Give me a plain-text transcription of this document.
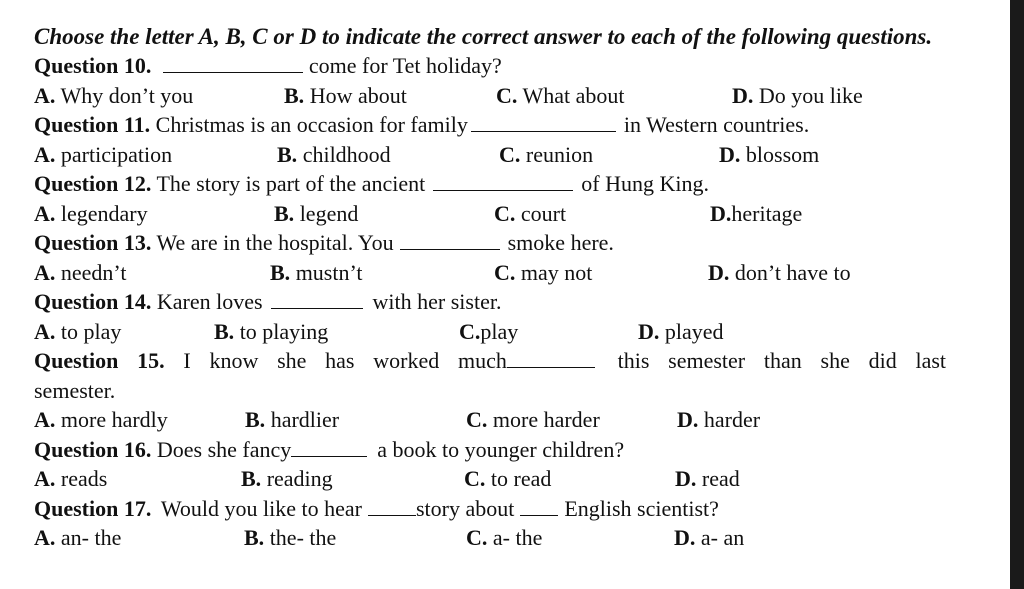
Choose the letter A, B, C or D to indicate the correct answer to each of the following questions.

Question 10.	come for Tet holiday?
A. Why don’t you	B. How about	C. What about	D. Do you like
Question 11. Christmas is an occasion for family	in Western countries.
A. participation	B. childhood	C. reunion	D. blossom
Question 12. The story is part of the ancient	of Hung King.
A. legendary	B. legend	C. court	D.heritage
Question 13. We are in the hospital. You	smoke here.
A. needn’t	B. mustn’t	C. may not	D. don’t have to
Question 14. Karen loves	with her sister.
A. to play	B. to playing	C.play	D. played
Question 15. I know she has worked much	this semester than she did last
semester.
A. more hardly	B. hardlier	C. more harder	D. harder
Question 16. Does she fancy	a book to younger children?
A. reads	B. reading	C. to read	D. read
Question 17. Would you like to hear story about English scientist?
A. an- the	B. the- the	C. a- the	D. a- an
